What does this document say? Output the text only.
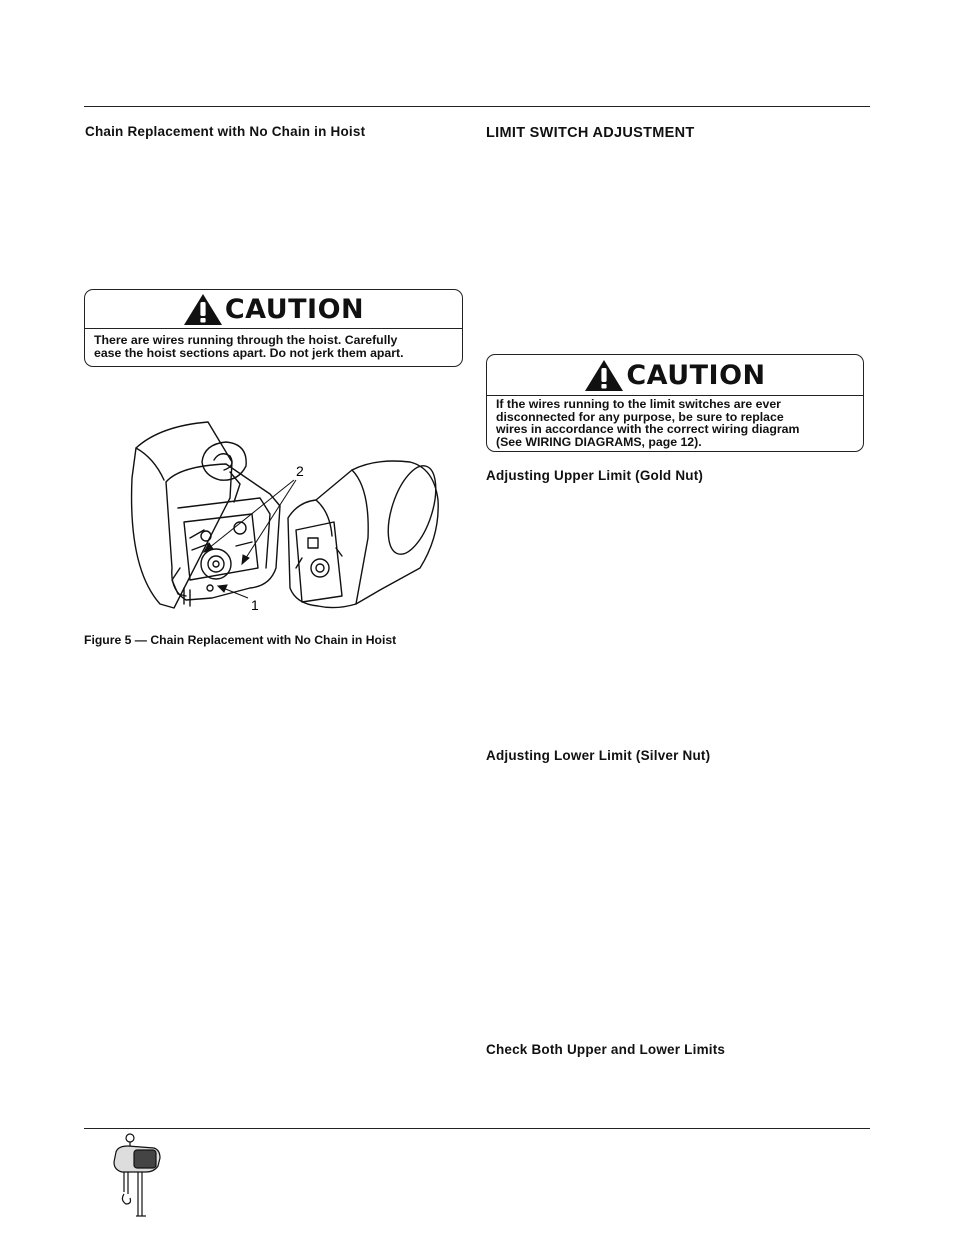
Chain Replacement with No Chain in Hoist
CAUTION
There are wires running through the hoist. Carefully
ease the hoist sections apart. Do not jerk them apart.
2
1
Figure 5 — Chain Replacement with No Chain in Hoist
LIMIT SWITCH ADJUSTMENT
CAUTION
If the wires running to the limit switches are ever
disconnected for any purpose, be sure to replace
wires in accordance with the correct wiring diagram
(See WIRING DIAGRAMS, page 12).
Adjusting Upper Limit (Gold Nut)
Adjusting Lower Limit (Silver Nut)
Check Both Upper and Lower Limits
